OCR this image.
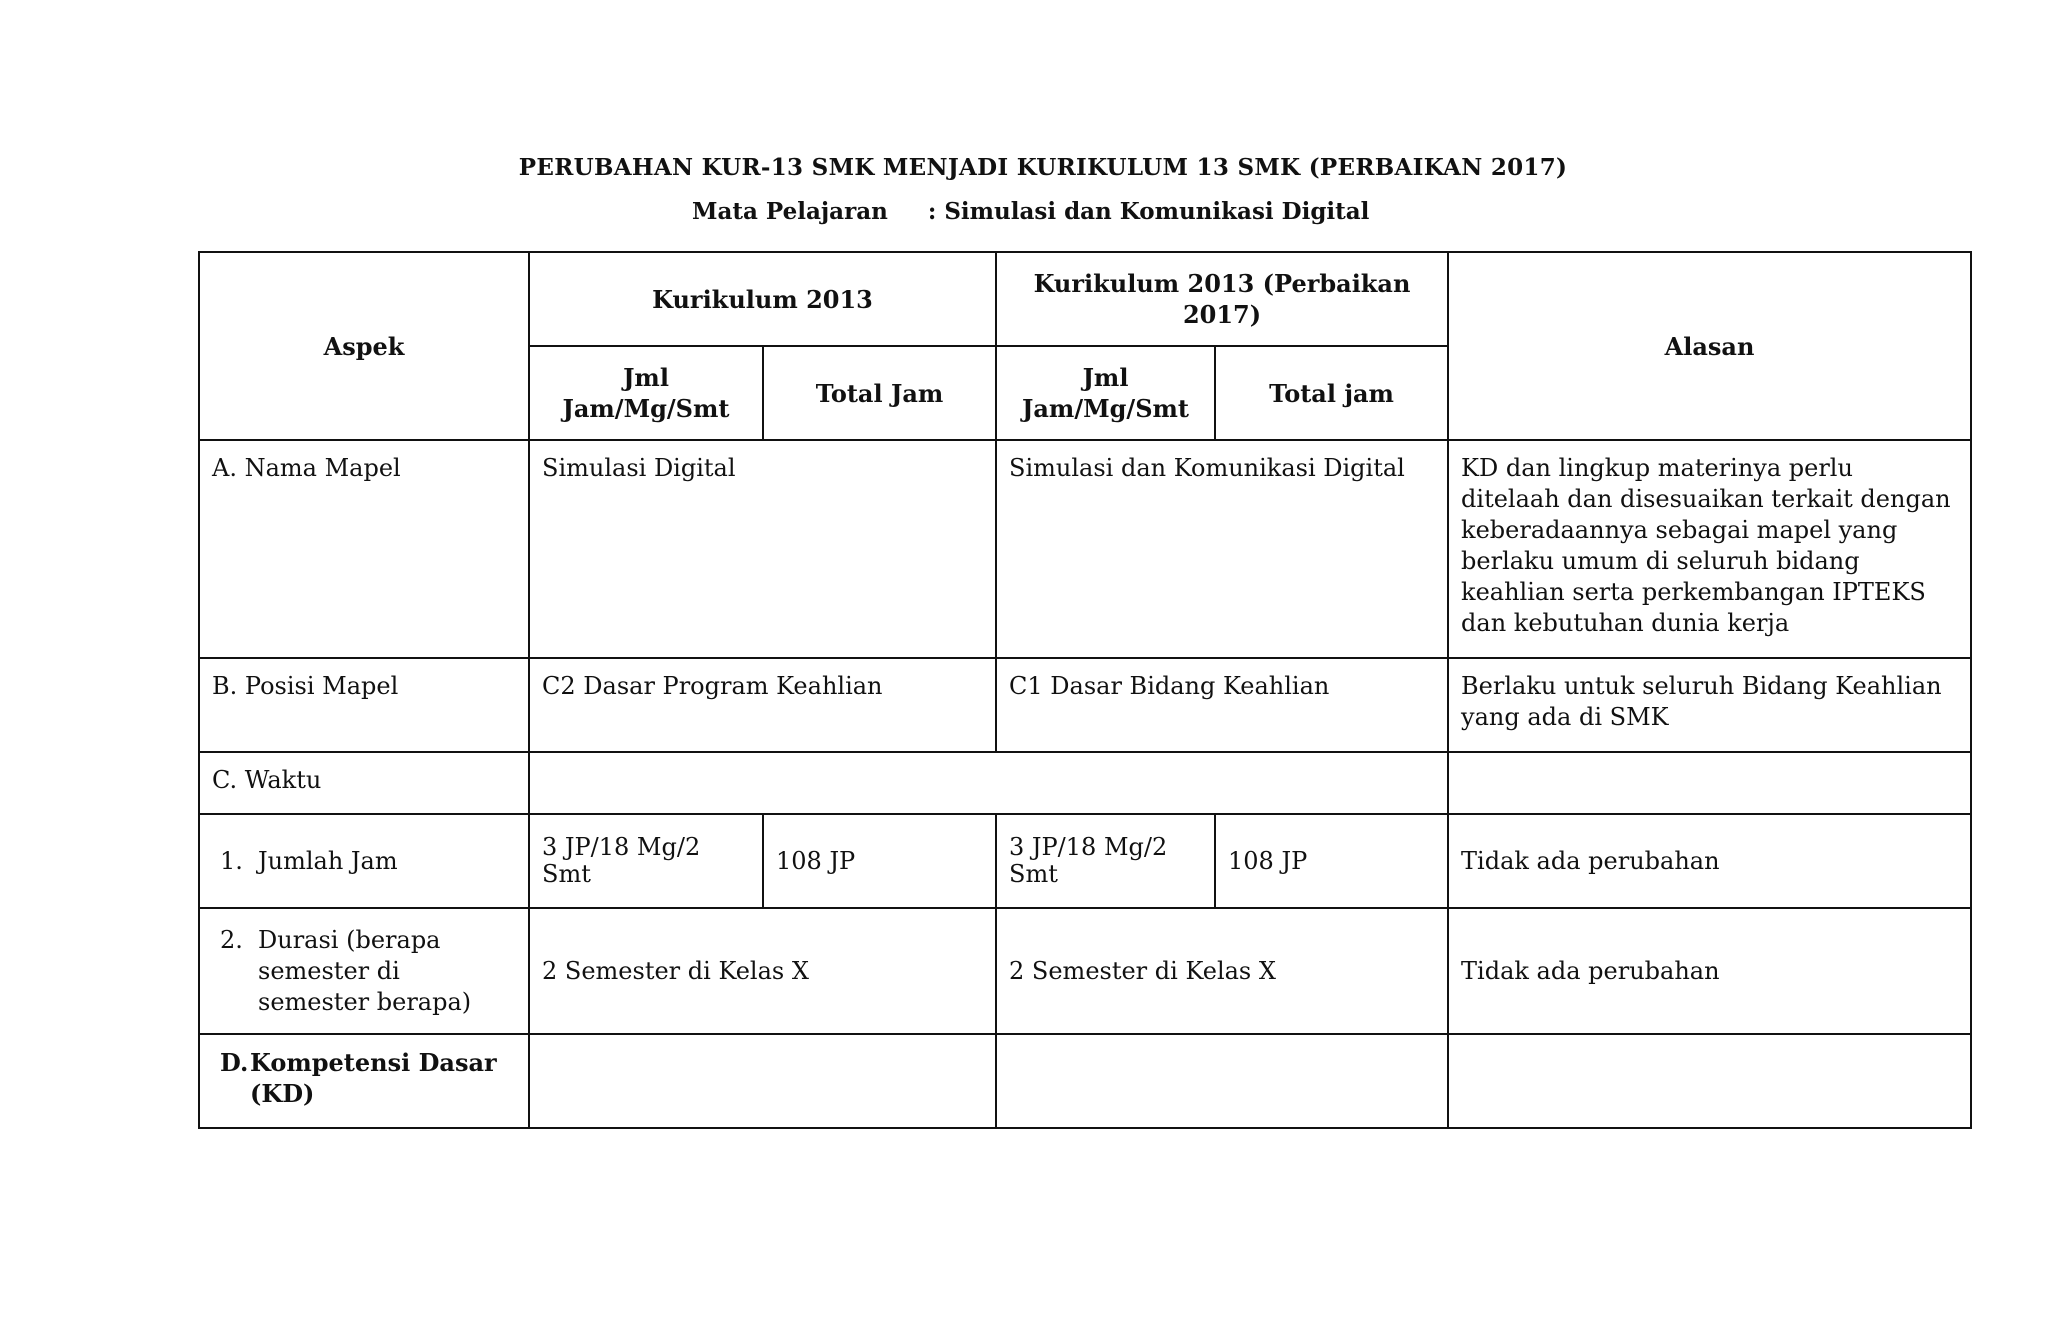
PERUBAHAN KUR-13 SMK MENJADI KURIKULUM 13 SMK (PERBAIKAN 2017)
Mata Pelajaran : Simulasi dan Komunikasi Digital
Aspek	Kurikulum 2013		Kurikulum 2013 (Perbaikan 2017)		Alasan
	Jml Jam/Mg/Smt	Total Jam	Jml Jam/Mg/Smt	Total jam	
A. Nama Mapel	Simulasi Digital		Simulasi dan Komunikasi Digital		KD dan lingkup materinya perlu ditelaah dan disesuaikan terkait dengan keberadaannya sebagai mapel yang berlaku umum di seluruh bidang keahlian serta perkembangan IPTEKS dan kebutuhan dunia kerja
B. Posisi Mapel	C2 Dasar Program Keahlian		C1 Dasar Bidang Keahlian		Berlaku untuk seluruh Bidang Keahlian yang ada di SMK
C. Waktu					

1. Jumlah Jam	3 JP/18 Mg/2 Smt	108 JP	3 JP/18 Mg/2 Smt	108 JP	Tidak ada perubahan

2. Durasi (berapa semester di semester berapa)	2 Semester di Kelas X		2 Semester di Kelas X		Tidak ada perubahan

D. Kompetensi Dasar (KD)					
